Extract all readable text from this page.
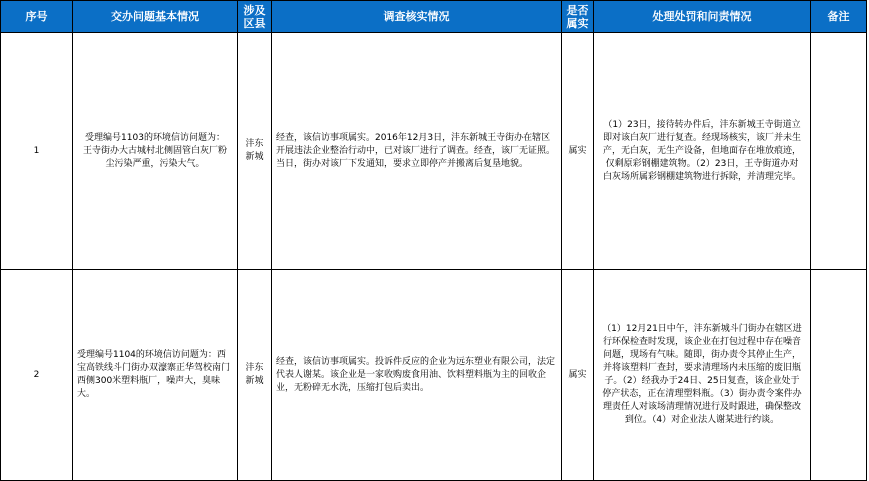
序号	交办问题基本情况	涉及区县	调查核实情况	是否属实	处理处罚和问责情况	备注
1	受理编号1103的环境信访问题为：王寺街办大古城村北侧固管白灰厂粉尘污染严重，污染大气。	沣东新城	经查，该信访事项属实。2016年12月3日，沣东新城王寺街办在辖区开展违法企业整治行动中，已对该厂进行了调查。经查，该厂无证照。当日，街办对该厂下发通知，要求立即停产并搬离后复垦地貌。	属实	（1）23日，接待转办件后，沣东新城王寺街道立即对该白灰厂进行复查。经现场核实，该厂并未生产，无白灰，无生产设备，但地面存在堆放痕迹，仅剩原彩钢棚建筑物。（2）23日，王寺街道办对白灰场所属彩钢棚建筑物进行拆除，并清理完毕。	
2	受理编号1104的环境信访问题为：西宝高铁线斗门街办双濠寨正华驾校南门西侧300米塑料瓶厂，噪声大，臭味大。	沣东新城	经查，该信访事项属实。投诉件反应的企业为远东塑业有限公司，法定代表人谢某。该企业是一家收购废食用油、饮料塑料瓶为主的回收企业，无粉碎无水洗，压缩打包后卖出。	属实	（1）12月21日中午，沣东新城斗门街办在辖区进行环保检查时发现，该企业在打包过程中存在噪音问题，现场有气味。随即，街办责令其停止生产，并将该塑料厂查封，要求清理场内未压缩的废旧瓶子。（2）经我办于24日、25日复查，该企业处于停产状态，正在清理塑料瓶。（3）街办责令案件办理责任人对该场清理情况进行及时跟进，确保整改到位。（4）对企业法人谢某进行约谈。	
